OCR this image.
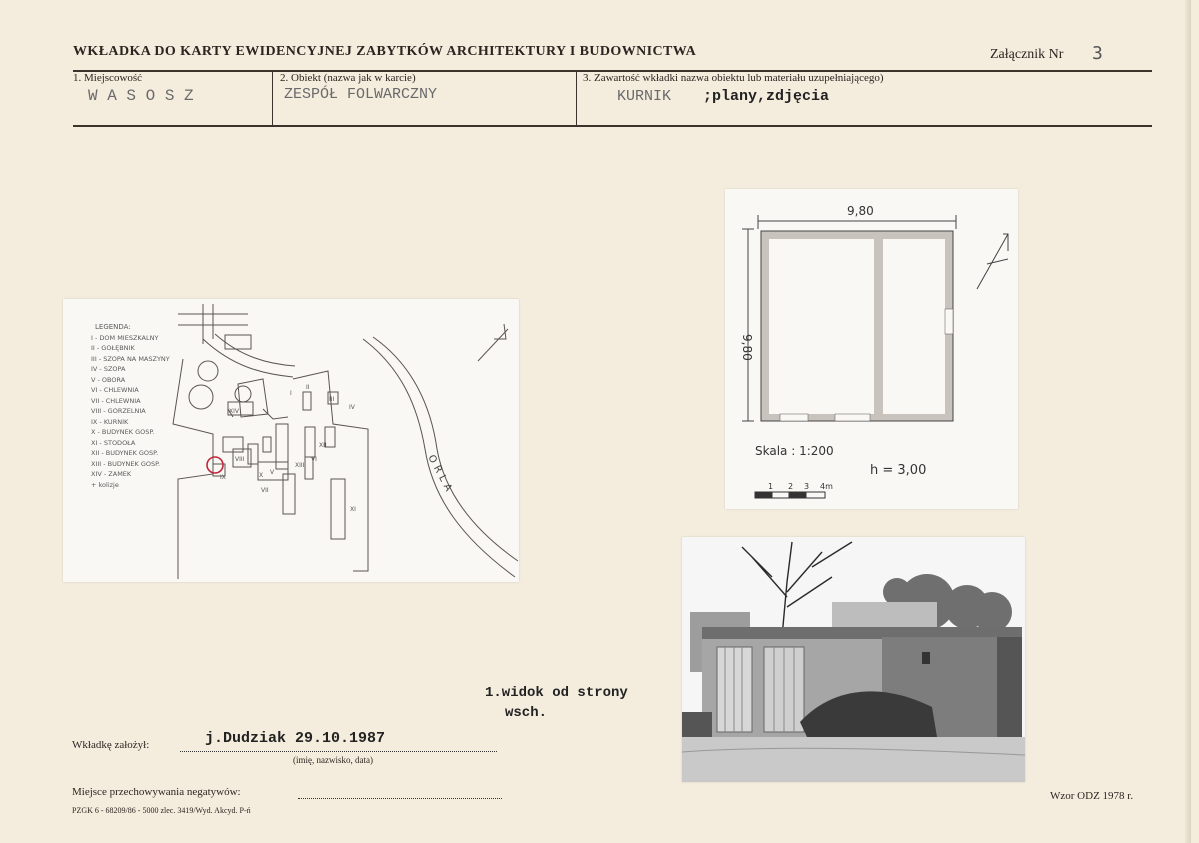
WKŁADKA DO KARTY EWIDENCYJNEJ ZABYTKÓW ARCHITEKTURY I BUDOWNICTWA	Załącznik Nr 3
1. Miejscowość
W A S O S Z
2. Obiekt (nazwa jak w karcie)
ZESPÓŁ FOLWARCZNY
3. Zawartość wkładki nazwa obiektu lub materiału uzupełniającego)
KURNIK ;plany,zdjęcia
XIV
I
II
III
IV
V
VI
VII
VIII
IX	X
XI
XII
XIII	ORLA
LEGENDA:
I - DOM MIESZKALNY
II - GOŁĘBNIK
III - SZOPA NA MASZYNY
IV - SZOPA
V - OBORA
VI - CHLEWNIA
VII - CHLEWNIA
VIII - GORZELNIA
IX - KURNIK
X - BUDYNEK GOSP.
XI - STODOŁA
XII - BUDYNEK GOSP.
XIII - BUDYNEK GOSP.
XIV - ZAMEK
+ kolizje
9,80
9,80
Skala : 1:200
h = 3,00
1 2 3 4m
1.widok od strony
wsch.
Wkładkę założył:	j.Dudziak 29.10.1987
(imię, nazwisko, data)
Miejsce przechowywania negatywów:
PZGK 6 - 68209/86 - 5000 zlec. 3419/Wyd. Akcyd. P-ń
Wzor ODZ 1978 r.
